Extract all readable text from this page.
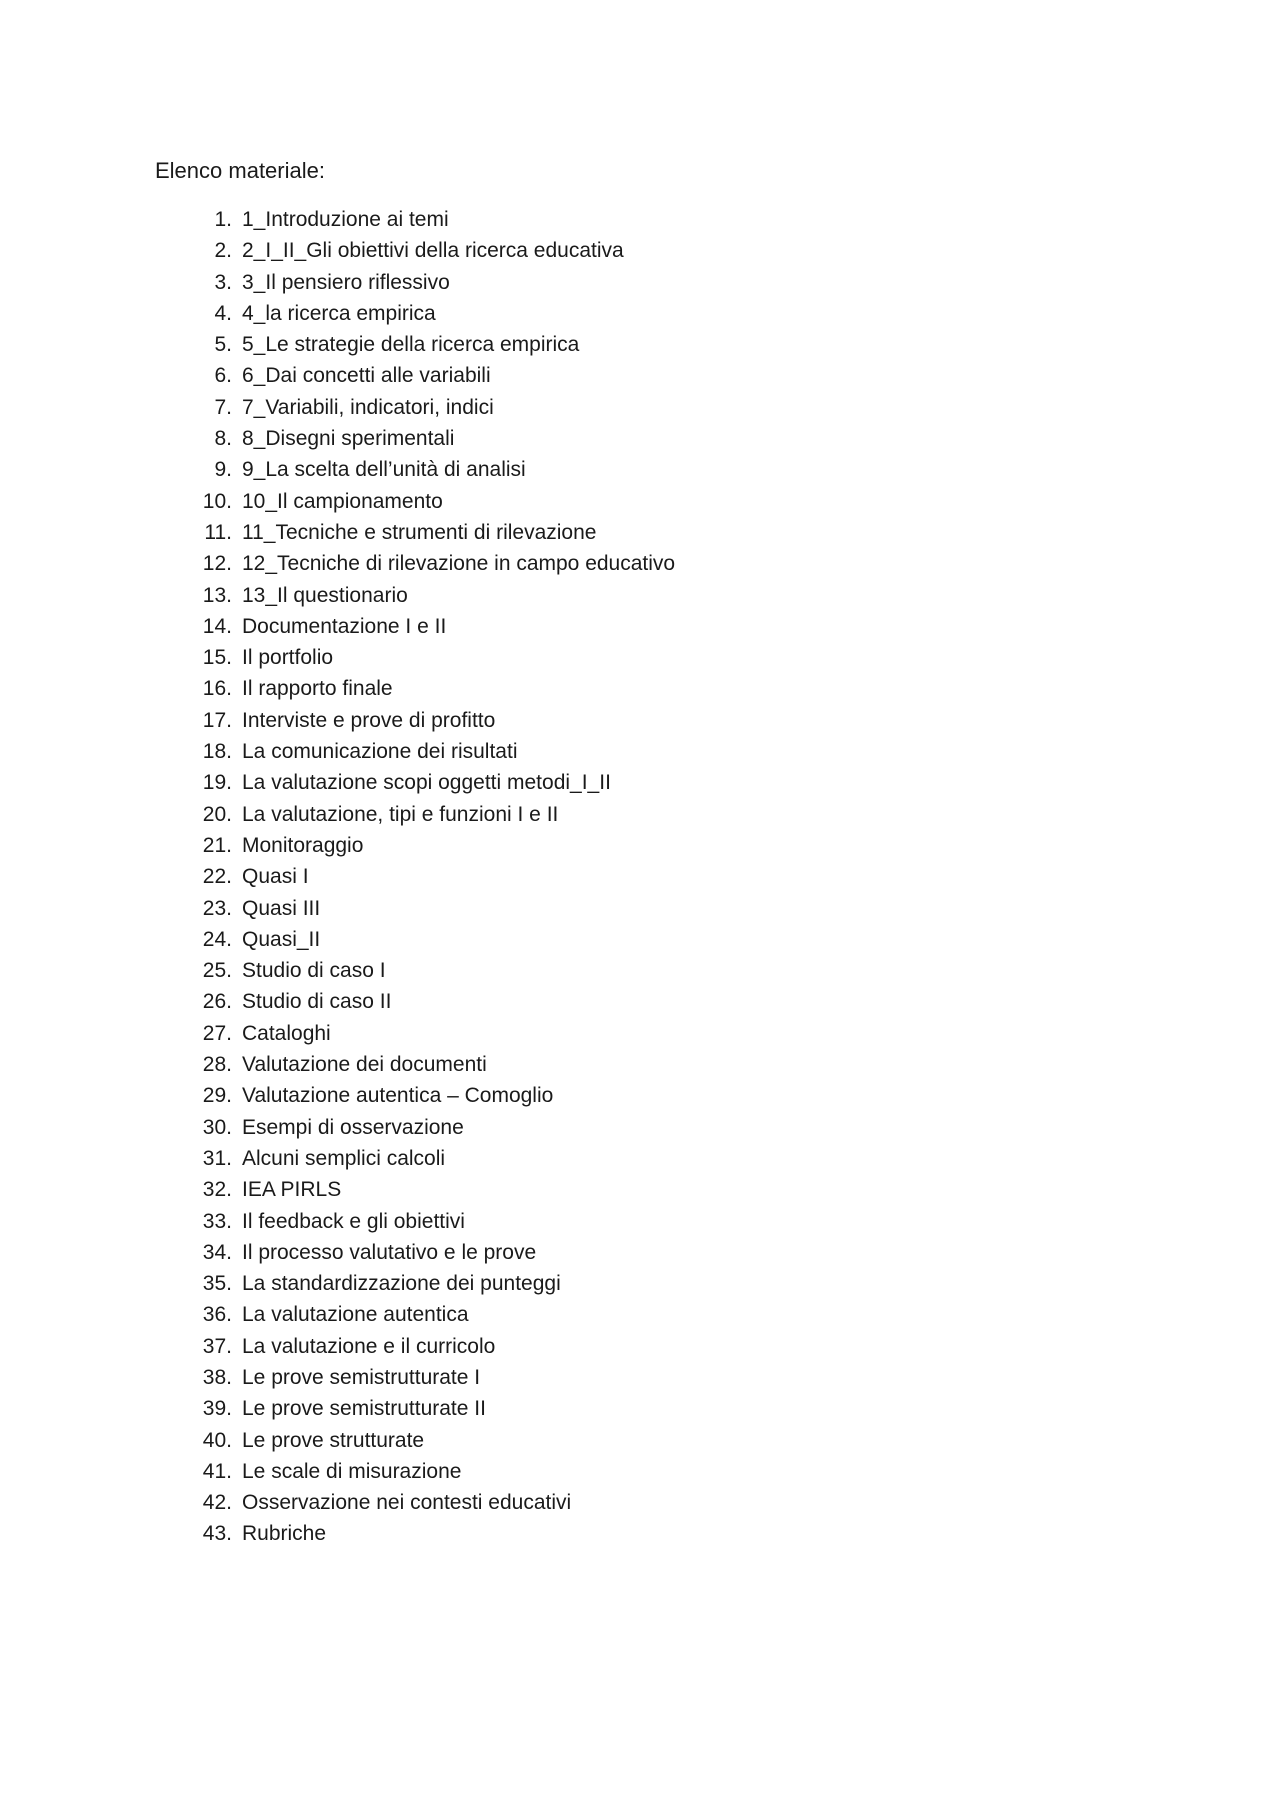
Elenco materiale:

1. 1_Introduzione ai temi
2. 2_I_II_Gli obiettivi della ricerca educativa
3. 3_Il pensiero riflessivo
4. 4_la ricerca empirica
5. 5_Le strategie della ricerca empirica
6. 6_Dai concetti alle variabili
7. 7_Variabili, indicatori, indici
8. 8_Disegni sperimentali
9. 9_La scelta dell’unità di analisi
10. 10_Il campionamento
11. 11_Tecniche e strumenti di rilevazione
12. 12_Tecniche di rilevazione in campo educativo
13. 13_Il questionario
14. Documentazione I e II
15. Il portfolio
16. Il rapporto finale
17. Interviste e prove di profitto
18. La comunicazione dei risultati
19. La valutazione scopi oggetti metodi_I_II
20. La valutazione, tipi e funzioni I e II
21. Monitoraggio
22. Quasi I
23. Quasi III
24. Quasi_II
25. Studio di caso I
26. Studio di caso II
27. Cataloghi
28. Valutazione dei documenti
29. Valutazione autentica – Comoglio
30. Esempi di osservazione
31. Alcuni semplici calcoli
32. IEA PIRLS
33. Il feedback e gli obiettivi
34. Il processo valutativo e le prove
35. La standardizzazione dei punteggi
36. La valutazione autentica
37. La valutazione e il curricolo
38. Le prove semistrutturate I
39. Le prove semistrutturate II
40. Le prove strutturate
41. Le scale di misurazione
42. Osservazione nei contesti educativi
43. Rubriche
